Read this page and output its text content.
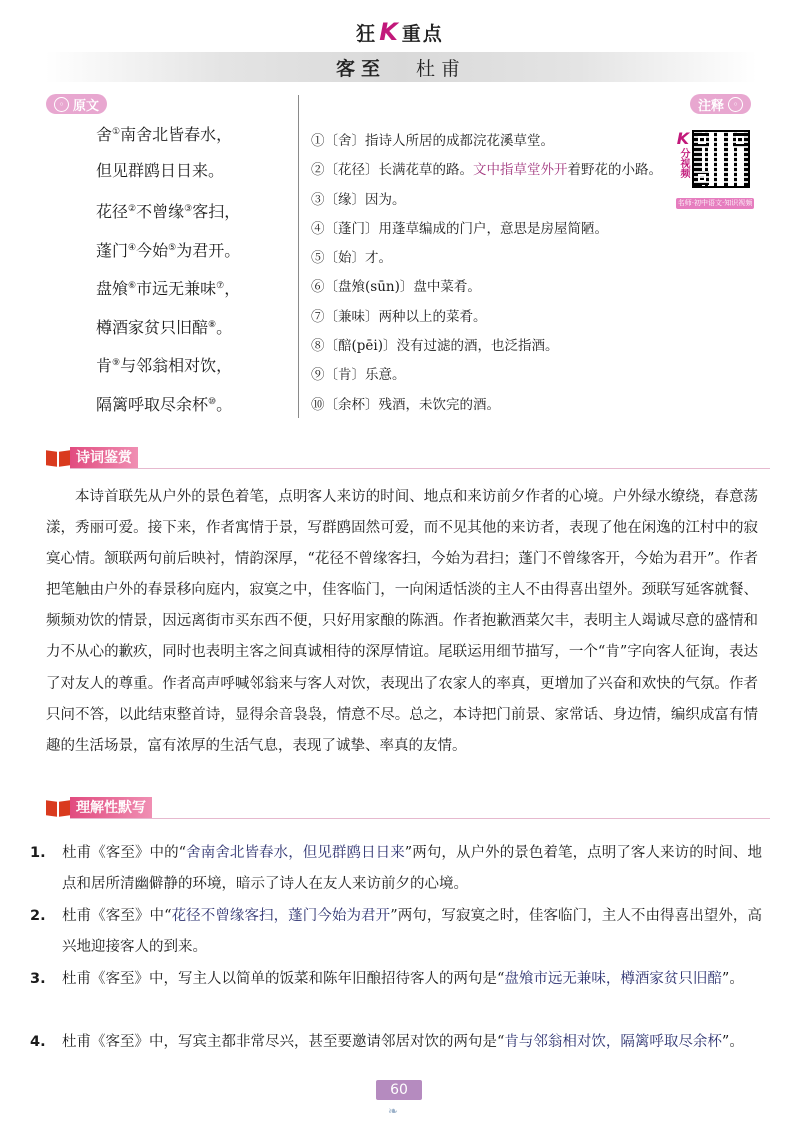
狂K 重点
客至 杜甫
◦ 原文	注释	◦
舍①南舍北皆春水，
但见群鸥日日来。
花径②不曾缘③客扫，
蓬门④今始⑤为君开。
盘飧⑥市远无兼味⑦，
樽酒家贫只旧醅⑧。
肯⑨与邻翁相对饮，
隔篱呼取尽余杯⑩。
①〔舍〕指诗人所居的成都浣花溪草堂。
②〔花径〕长满花草的路。文中指草堂外开着野花的小路。
③〔缘〕因为。
④〔蓬门〕用蓬草编成的门户，意思是房屋简陋。
⑤〔始〕才。
⑥〔盘飧(sūn)〕盘中菜肴。
⑦〔兼味〕两种以上的菜肴。
⑧〔醅(pēi)〕没有过滤的酒，也泛指酒。
⑨〔肯〕乐意。
⑩〔余杯〕残酒，未饮完的酒。
K
分视频
名师·初中语文·知识视频
诗词鉴赏
本诗首联先从户外的景色着笔，点明客人来访的时间、地点和来访前夕作者的心境。户外绿水缭绕，春意荡漾，秀丽可爱。接下来，作者寓情于景，写群鸥固然可爱，而不见其他的来访者，表现了他在闲逸的江村中的寂寞心情。颔联两句前后映衬，情韵深厚，“花径不曾缘客扫，今始为君扫；蓬门不曾缘客开，今始为君开”。作者把笔触由户外的春景移向庭内，寂寞之中，佳客临门，一向闲适恬淡的主人不由得喜出望外。颈联写延客就餐、频频劝饮的情景，因远离街市买东西不便，只好用家酿的陈酒。作者抱歉酒菜欠丰，表明主人竭诚尽意的盛情和力不从心的歉疚，同时也表明主客之间真诚相待的深厚情谊。尾联运用细节描写，一个“肯”字向客人征询，表达了对友人的尊重。作者高声呼喊邻翁来与客人对饮，表现出了农家人的率真，更增加了兴奋和欢快的气氛。作者只问不答，以此结束整首诗，显得余音袅袅，情意不尽。总之，本诗把门前景、家常话、身边情，编织成富有情趣的生活场景，富有浓厚的生活气息，表现了诚挚、率真的友情。
理解性默写
1. 杜甫《客至》中的“舍南舍北皆春水，但见群鸥日日来”两句，从户外的景色着笔，点明了客人来访的时间、地点和居所清幽僻静的环境，暗示了诗人在友人来访前夕的心境。
2. 杜甫《客至》中“花径不曾缘客扫，蓬门今始为君开”两句，写寂寞之时，佳客临门，主人不由得喜出望外，高兴地迎接客人的到来。
3. 杜甫《客至》中，写主人以简单的饭菜和陈年旧酿招待客人的两句是“盘飧市远无兼味，樽酒家贫只旧醅”。
4. 杜甫《客至》中，写宾主都非常尽兴，甚至要邀请邻居对饮的两句是“肯与邻翁相对饮，隔篱呼取尽余杯”。
60
❧
